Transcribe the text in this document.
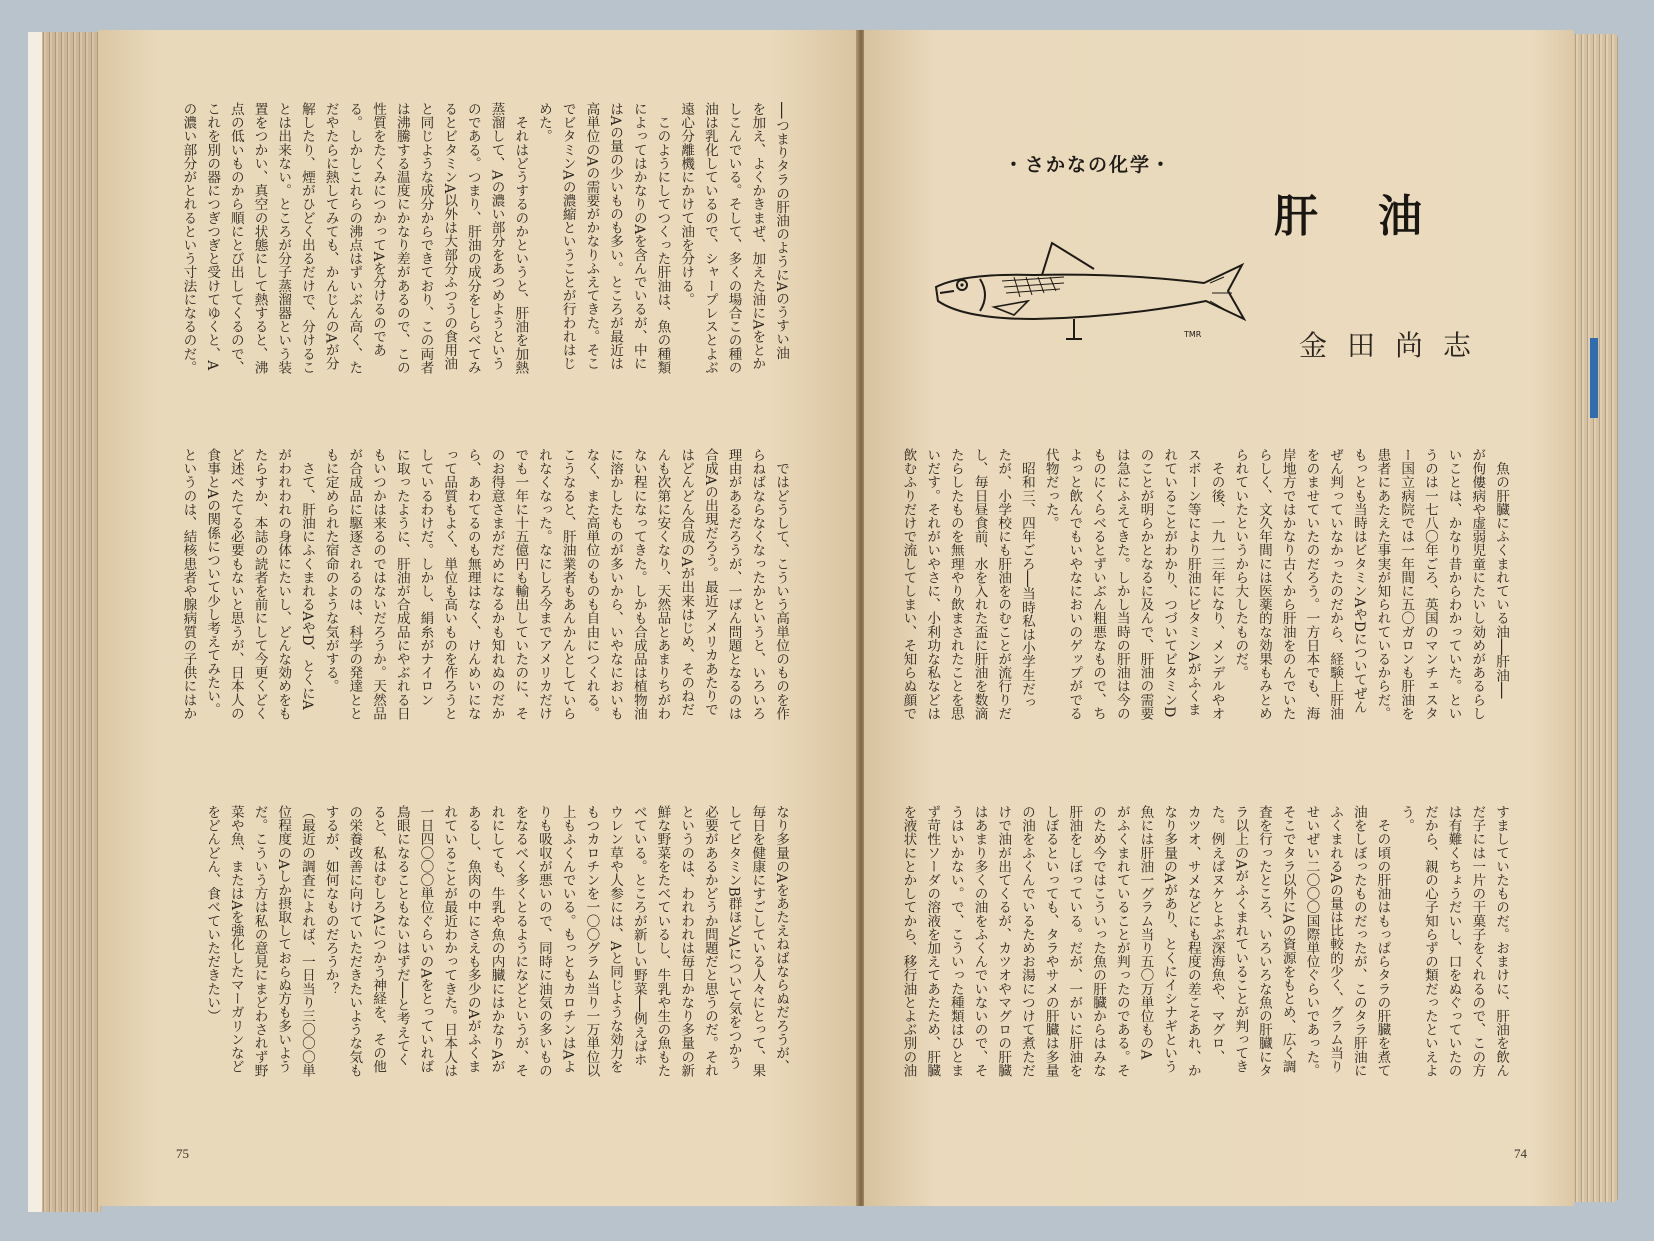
──つまりタラの肝油のようにAのうすい油
を加え、よくかきまぜ、加えた油にAをとか
しこんでいる。そして、多くの場合この種の
油は乳化しているので、シャープレスとよぶ
遠心分離機にかけて油を分ける。
　このようにしてつくった肝油は、魚の種類
によってはかなりのAを含んでいるが、中に
はAの量の少いものも多い。ところが最近は
高単位のAの需要がかなりふえてきた。そこ
でビタミンAの濃縮ということが行われはじ
めた。
　それはどうするのかというと、肝油を加熱
蒸溜して、Aの濃い部分をあつめようという
のである。つまり、肝油の成分をしらべてみ
るとビタミンA以外は大部分ふつうの食用油
と同じような成分からできており、この両者
は沸騰する温度にかなり差があるので、この
性質をたくみにつかってAを分けるのであ
る。しかしこれらの沸点はずいぶん高く、た
だやたらに熱してみても、かんじんのAが分
解したり、煙がひどく出るだけで、分けるこ
とは出来ない。ところが分子蒸溜器という装
置をつかい、真空の状態にして熱すると、沸
点の低いものから順にとび出してくるので、
これを別の器につぎつぎと受けてゆくと、A
の濃い部分がとれるという寸法になるのだ。
　ではどうして、こういう高単位のものを作
らねばならなくなったかというと、いろいろ
理由があるだろうが、一ばん問題となるのは
合成Aの出現だろう。最近アメリカあたりで
はどんどん合成のAが出来はじめ、そのねだ
んも次第に安くなり、天然品とあまりちがわ
ない程になってきた。しかも合成品は植物油
に溶かしたものが多いから、いやなにおいも
なく、また高単位のものも自由につくれる。
こうなると、肝油業者もあんかんとしていら
れなくなった。なにしろ今までアメリカだけ
でも一年に十五億円も輸出していたのに、そ
のお得意さまがだめになるかも知れぬのだか
ら、あわてるのも無理はなく、けんめいにな
って品質もよく、単位も高いものを作ろうと
しているわけだ。しかし、絹糸がナイロン
に取ったように、肝油が合成品にやぶれる日
もいつかは来るのではないだろうか。天然品
が合成品に駆逐されるのは、科学の発達とと
もに定められた宿命のような気がする。
　さて、肝油にふくまれるAやD、とくにA
がわれわれの身体にたいし、どんな効めをも
たらすか、本誌の読者を前にして今更くどく
ど述べたてる必要もないと思うが、日本人の
食事とAの関係について少し考えてみたい。
というのは、結核患者や腺病質の子供にはか
なり多量のAをあたえねばならぬだろうが、
毎日を健康にすごしている人々にとって、果
してビタミンB群ほどAについて気をつかう
必要があるかどうか問題だと思うのだ。それ
というのは、われわれは毎日かなり多量の新
鮮な野菜をたべているし、牛乳や生の魚もた
べている。ところが新しい野菜──例えばホ
ウレン草や人参には、Aと同じような効力を
もつカロチンを一〇〇グラム当り一万単位以
上もふくんでいる。もっともカロチンはAよ
りも吸収が悪いので、同時に油気の多いもの
をなるべく多くとるようになどというが、そ
れにしても、牛乳や魚の内臓にはかなりAが
あるし、魚肉の中にさえも多少のAがふくま
れていることが最近わかってきた。日本人は
一日四〇〇〇単位ぐらいのAをとっていれば
鳥眼になることもないはずだ──と考えてく
ると、私はむしろAにつかう神経を、その他
の栄養改善に向けていただきたいような気も
するが、如何なものだろうか？
（最近の調査によれば、一日当り三〇〇〇単
位程度のAしか摂取しておらぬ方も多いよう
だ。こういう方は私の意見にまどわされず野
菜や魚、またはAを強化したマーガリンなど
をどんどん、食べていただきたい）
75
・さかなの化学・
肝油
TMR	金田尚志
　魚の肝臓にふくまれている油──肝油──
が佝僂病や虚弱児童にたいし効めがあるらし
いことは、かなり昔からわかっていた。とい
うのは一七八〇年ごろ、英国のマンチェスタ
ー国立病院では一年間に五〇ガロンも肝油を
患者にあたえた事実が知られているからだ。
もっとも当時はビタミンAやDについてぜん
ぜん判っていなかったのだから、経験上肝油
をのませていたのだろう。一方日本でも、海
岸地方ではかなり古くから肝油をのんでいた
らしく、文久年間には医薬的な効果もみとめ
られていたというから大したものだ。
　その後、一九一三年になり、メンデルやオ
スボーン等により肝油にビタミンAがふくま
れていることがわかり、つづいてビタミンD
のことが明らかとなるに及んで、肝油の需要
は急にふえてきた。しかし当時の肝油は今の
ものにくらべるとずいぶん粗悪なもので、ち
よっと飲んでもいやなにおいのゲップがでる
代物だった。
　昭和三、四年ごろ──当時私は小学生だっ
たが、小学校にも肝油をのむことが流行りだ
し、毎日昼食前、水を入れた盃に肝油を数滴
たらしたものを無理やり飲まされたことを思
いだす。それがいやさに、小利功な私などは
飲むふりだけで流してしまい、そ知らぬ顔で
すましていたものだ。おまけに、肝油を飲ん
だ子には一片の干菓子をくれるので、この方
は有難くちょうだいし、口をぬぐっていたの
だから、親の心子知らずの類だったといえよ
う。
　その頃の肝油はもっぱらタラの肝臓を煮て
油をしぼったものだったが、このタラ肝油に
ふくまれるAの量は比較的少く、グラム当り
せいぜい二〇〇〇国際単位ぐらいであった。
そこでタラ以外にAの資源をもとめ、広く調
査を行ったところ、いろいろな魚の肝臓にタ
ラ以上のAがふくまれていることが判ってき
た。例えばヌケとよぶ深海魚や、マグロ、
カツオ、サメなどにも程度の差こそあれ、か
なり多量のAがあり、とくにイシナギという
魚には肝油一グラム当り五〇万単位ものA
がふくまれていることが判ったのである。そ
のため今ではこういった魚の肝臓からはみな
肝油をしぼっている。だが、一がいに肝油を
しぼるといっても、タラやサメの肝臓は多量
の油をふくんでいるためお湯につけて煮ただ
けで油が出てくるが、カツオやマグロの肝臓
はあまり多くの油をふくんでいないので、そ
うはいかない。で、こういった種類はひとま
ず苛性ソーダの溶液を加えてあたため、肝臓
を液状にとかしてから、移行油とよぶ別の油
74
